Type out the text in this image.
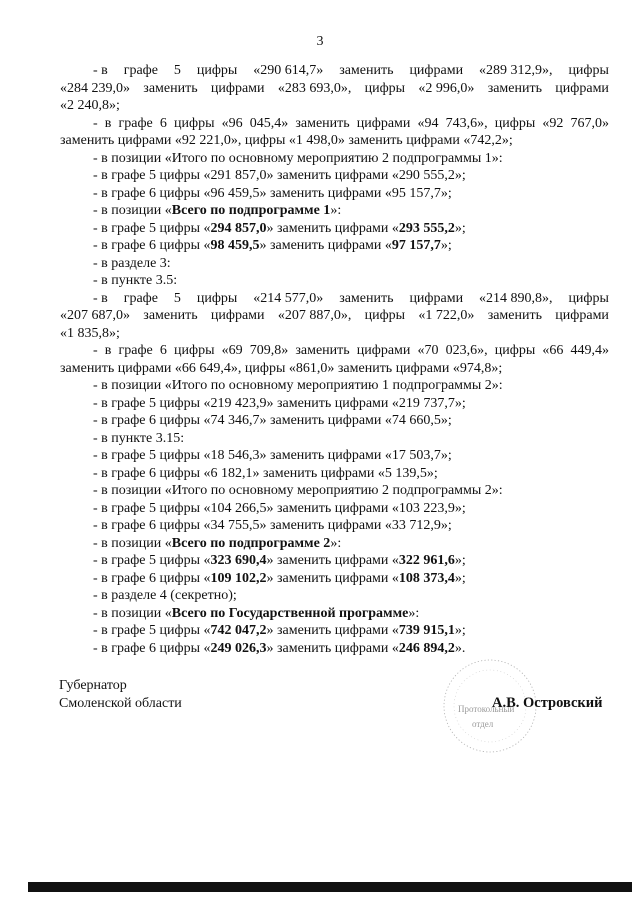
3
- в графе 5 цифры «290 614,7» заменить цифрами «289 312,9», цифры
«284 239,0» заменить цифрами «283 693,0», цифры «2 996,0» заменить цифрами
«2 240,8»;
- в графе 6 цифры «96 045,4» заменить цифрами «94 743,6», цифры «92 767,0»
заменить цифрами «92 221,0», цифры «1 498,0» заменить цифрами «742,2»;
- в позиции «Итого по основному мероприятию 2 подпрограммы 1»:
- в графе 5 цифры «291 857,0» заменить цифрами «290 555,2»;
- в графе 6 цифры «96 459,5» заменить цифрами «95 157,7»;
- в позиции «Всего по подпрограмме 1»:
- в графе 5 цифры «294 857,0» заменить цифрами «293 555,2»;
- в графе 6 цифры «98 459,5» заменить цифрами «97 157,7»;
- в разделе 3:
- в пункте 3.5:
- в графе 5 цифры «214 577,0» заменить цифрами «214 890,8», цифры
«207 687,0» заменить цифрами «207 887,0», цифры «1 722,0» заменить цифрами
«1 835,8»;
- в графе 6 цифры «69 709,8» заменить цифрами «70 023,6», цифры «66 449,4»
заменить цифрами «66 649,4», цифры «861,0» заменить цифрами «974,8»;
- в позиции «Итого по основному мероприятию 1 подпрограммы 2»:
- в графе 5 цифры «219 423,9» заменить цифрами «219 737,7»;
- в графе 6 цифры «74 346,7» заменить цифрами «74 660,5»;
- в пункте 3.15:
- в графе 5 цифры «18 546,3» заменить цифрами «17 503,7»;
- в графе 6 цифры «6 182,1» заменить цифрами «5 139,5»;
- в позиции «Итого по основному мероприятию 2 подпрограммы 2»:
- в графе 5 цифры «104 266,5» заменить цифрами «103 223,9»;
- в графе 6 цифры «34 755,5» заменить цифрами «33 712,9»;
- в позиции «Всего по подпрограмме 2»:
- в графе 5 цифры «323 690,4» заменить цифрами «322 961,6»;
- в графе 6 цифры «109 102,2» заменить цифрами «108 373,4»;
- в разделе 4 (секретно);
- в позиции «Всего по Государственной программе»:
- в графе 5 цифры «742 047,2» заменить цифрами «739 915,1»;
- в графе 6 цифры «249 026,3» заменить цифрами «246 894,2».
Губернатор
Смоленской области	Протокольный
отдел
А.В. Островский
